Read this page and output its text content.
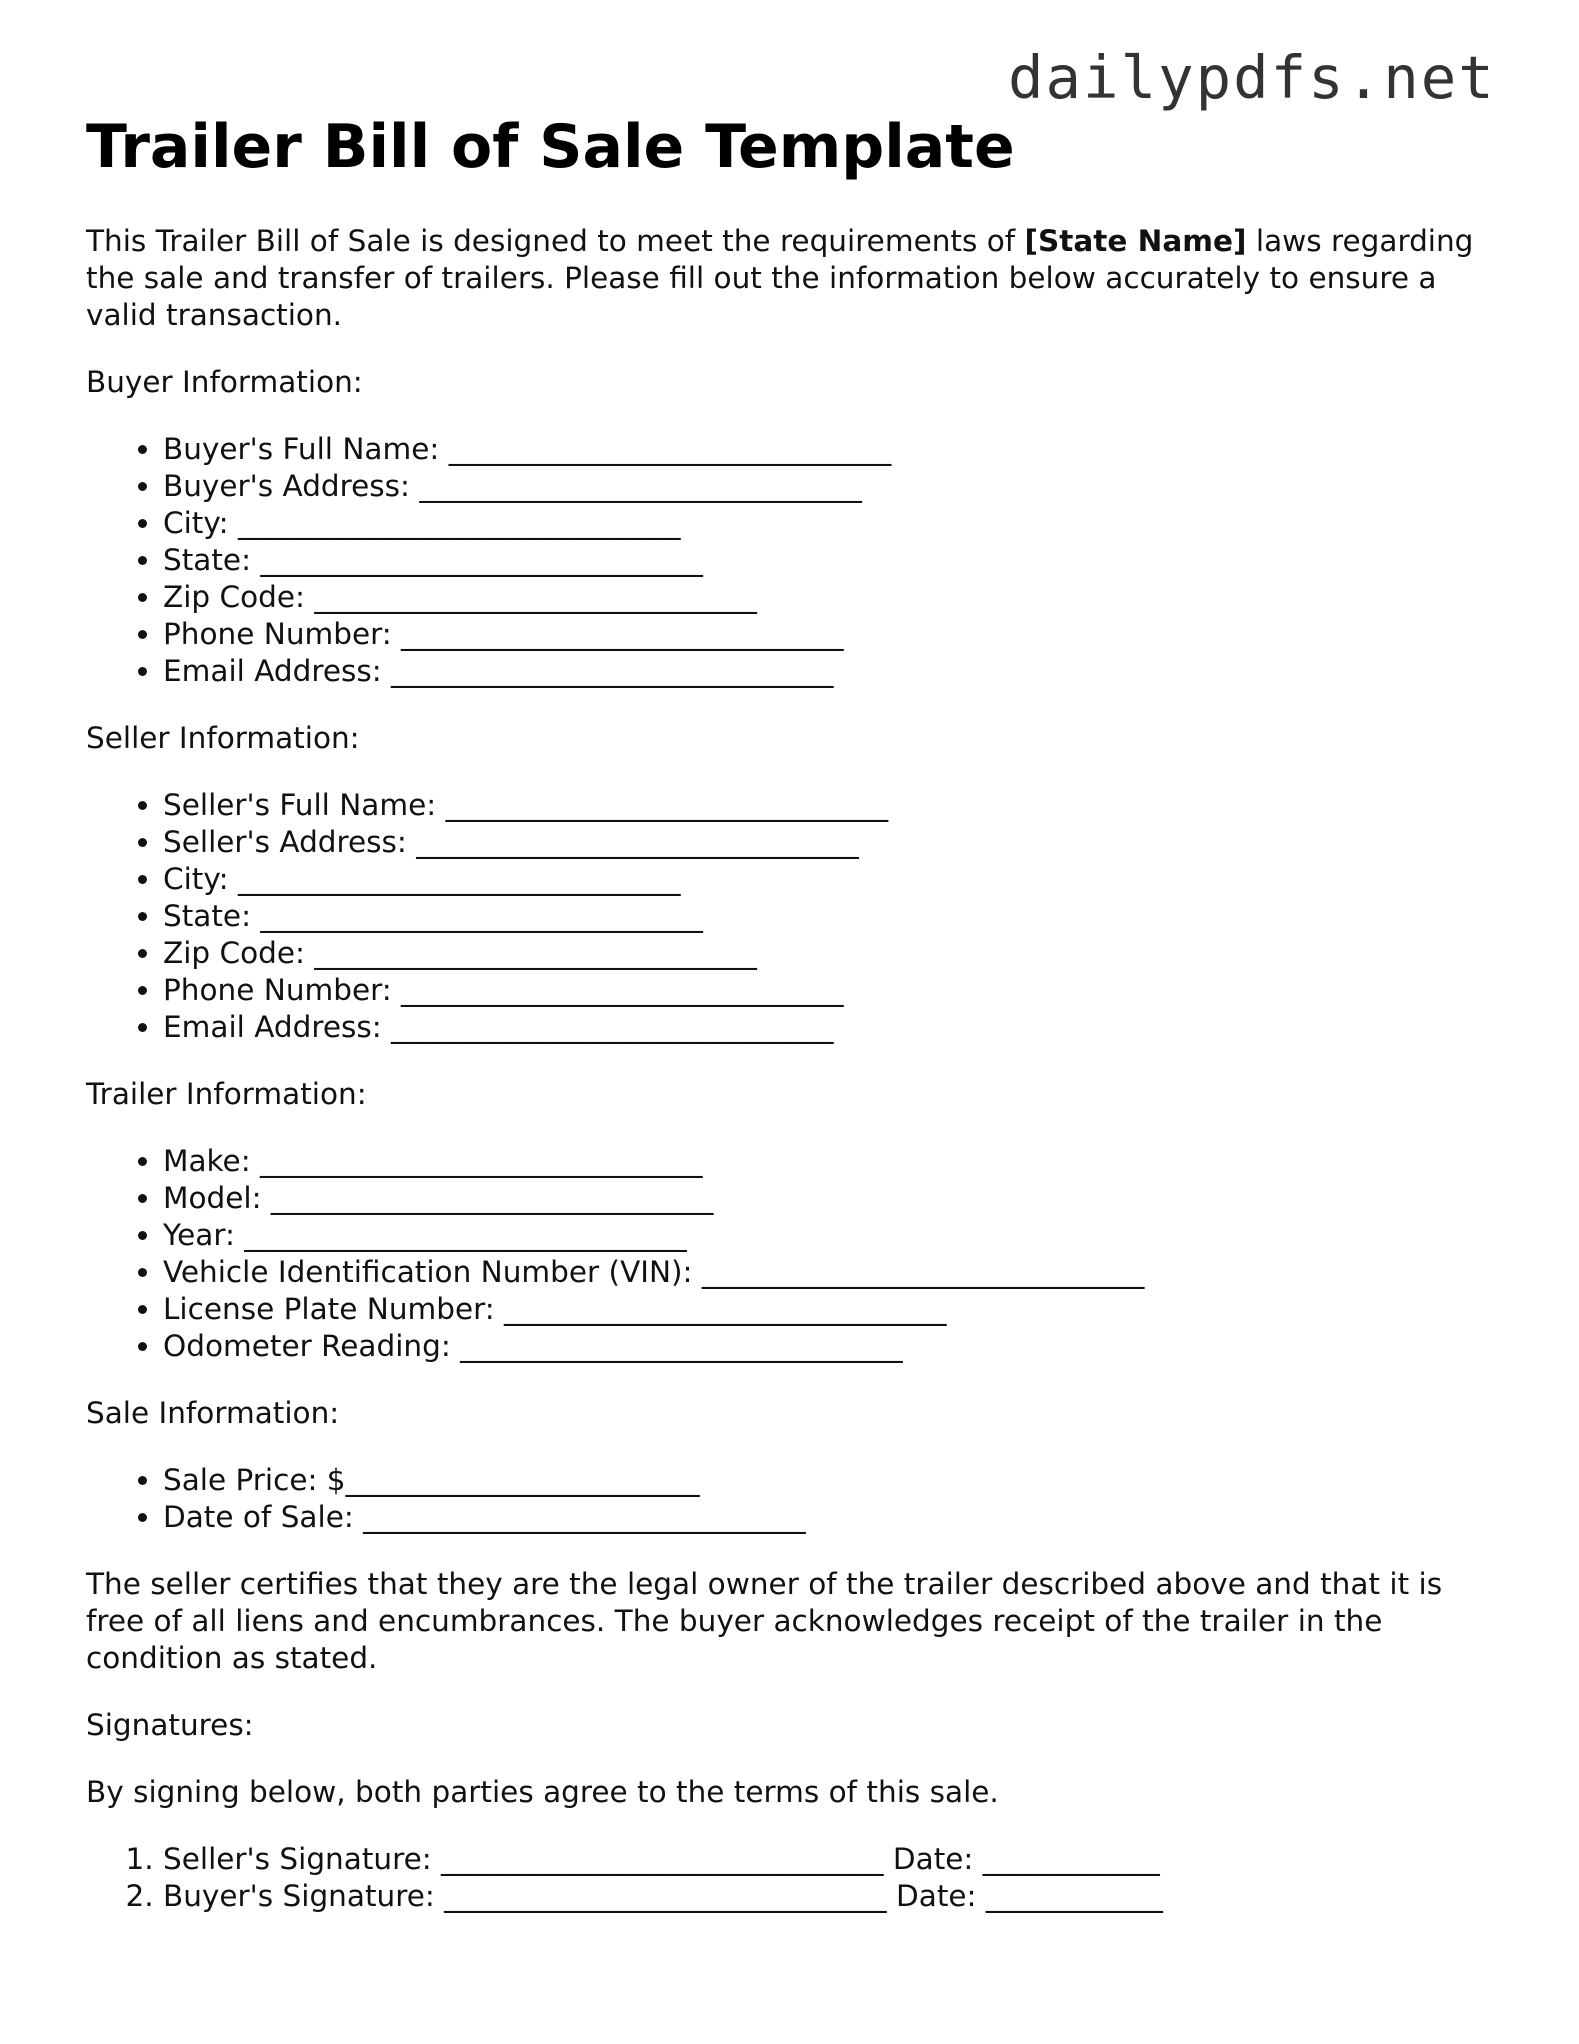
dailypdfs.net
Trailer Bill of Sale Template

This Trailer Bill of Sale is designed to meet the requirements of [State Name] laws regarding the sale and transfer of trailers. Please fill out the information below accurately to ensure a valid transaction.

Buyer Information:

• Buyer's Full Name: ______________________________
• Buyer's Address: ______________________________
• City: ______________________________
• State: ______________________________
• Zip Code: ______________________________
• Phone Number: ______________________________
• Email Address: ______________________________

Seller Information:

• Seller's Full Name: ______________________________
• Seller's Address: ______________________________
• City: ______________________________
• State: ______________________________
• Zip Code: ______________________________
• Phone Number: ______________________________
• Email Address: ______________________________

Trailer Information:

• Make: ______________________________
• Model: ______________________________
• Year: ______________________________
• Vehicle Identification Number (VIN): ______________________________
• License Plate Number: ______________________________
• Odometer Reading: ______________________________

Sale Information:

• Sale Price: $________________________
• Date of Sale: ______________________________

The seller certifies that they are the legal owner of the trailer described above and that it is free of all liens and encumbrances. The buyer acknowledges receipt of the trailer in the condition as stated.

Signatures:

By signing below, both parties agree to the terms of this sale.

1. Seller's Signature: ______________________________ Date: ____________
2. Buyer's Signature: ______________________________ Date: ____________
